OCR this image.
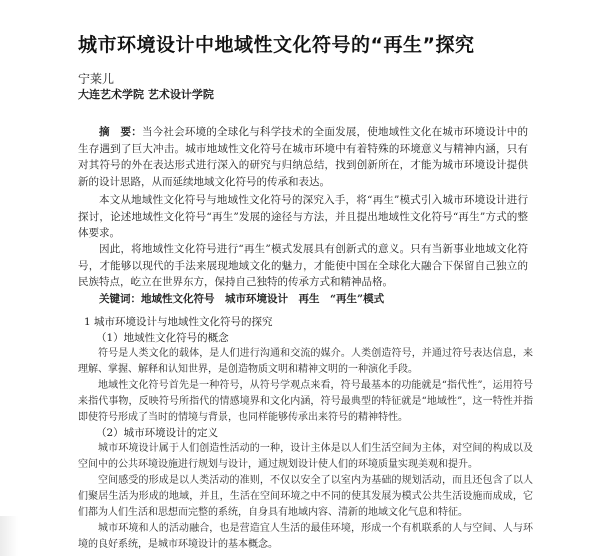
城市环境设计中地域性文化符号的“再生”探究
宁莱儿
大连艺术学院 艺术设计学院
摘　要：当今社会环境的全球化与科学技术的全面发展，使地域性文化在城市环境设计中的生存遇到了巨大冲击。城市地域性文化符号在城市环境中有着特殊的环境意义与精神内涵，只有对其符号的外在表达形式进行深入的研究与归纳总结，找到创新所在，才能为城市环境设计提供新的设计思路，从而延续地域文化符号的传承和表达。
本文从地域性文化符号与地域性文化符号的深究入手，将“再生”模式引入城市环境设计进行探讨，论述地域性文化符号“再生”发展的途径与方法，并且提出地域性文化符号“再生”方式的整体要求。
因此，将地域性文化符号进行“再生”模式发展具有创新式的意义。只有当新事业地域文化符号，才能够以现代的手法来展现地域文化的魅力，才能使中国在全球化大融合下保留自己独立的民族特点，屹立在世界东方，保持自己独特的传承方式和精神品格。
关键词：地域性文化符号　城市环境设计　再生　“再生”模式
1 城市环境设计与地域性文化符号的探究
（1）地域性文化符号的概念
符号是人类文化的载体，是人们进行沟通和交流的媒介。人类创造符号，并通过符号表达信息，来理解、掌握、解释和认知世界，是创造物质文明和精神文明的一种演化手段。
地域性文化符号首先是一种符号，从符号学观点来看，符号最基本的功能就是“指代性”，运用符号来指代事物，反映符号所指代的情感境界和文化内涵，符号最典型的特征就是“地域性”，这一特性并指即使符号形成了当时的情境与背景，也同样能够传承出来符号的精神特性。
（2）城市环境设计的定义
城市环境设计属于人们创造性活动的一种，设计主体是以人们生活空间为主体，对空间的构成以及空间中的公共环境设施进行规划与设计，通过规划设计使人们的环境质量实现美观和提升。
空间感受的形成是以人类活动的准则，不仅以安全了以室内为基础的规划活动，而且还包含了以人们聚居生活为形成的地域，并且，生活在空间环境之中不同的使其发展为模式公共生活设施而成成，它们都为人们生活和思想而完整的系统，自身具有地域内容、清新的地域文化气息和特征。
城市环境和人的活动融合，也是营造宜人生活的最佳环境，形成一个有机联系的人与空间、人与环境的良好系统，是城市环境设计的基本概念。
